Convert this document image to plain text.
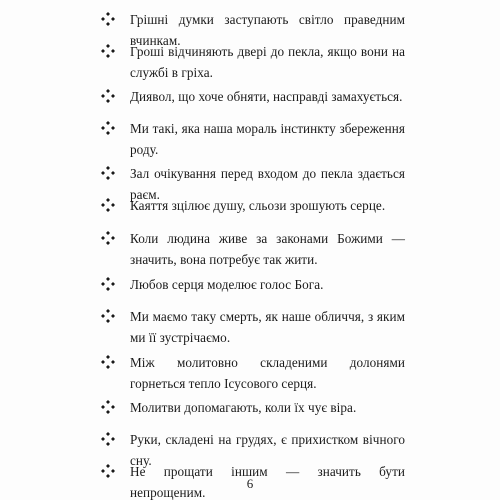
Грішні думки заступають світло праведним вчинкам.
Гроші відчиняють двері до пекла, якщо вони на службі в гріха.
Диявол, що хоче обняти, насправді замахується.
Ми такі, яка наша мораль інстинкту збереження роду.
Зал очікування перед входом до пекла здається раєм.
Каяття зцілює душу, сльози зрошують серце.
Коли людина живе за законами Божими — значить, вона потребує так жити.
Любов серця моделює голос Бога.
Ми маємо таку смерть, як наше обличчя, з яким ми її зустрічаємо.
Між молитовно складеними долонями горнеться тепло Ісусового серця.
Молитви допомагають, коли їх чує віра.
Руки, складені на грудях, є прихистком вічного сну.
Не прощати іншим — значить бути непрощеним.
6
